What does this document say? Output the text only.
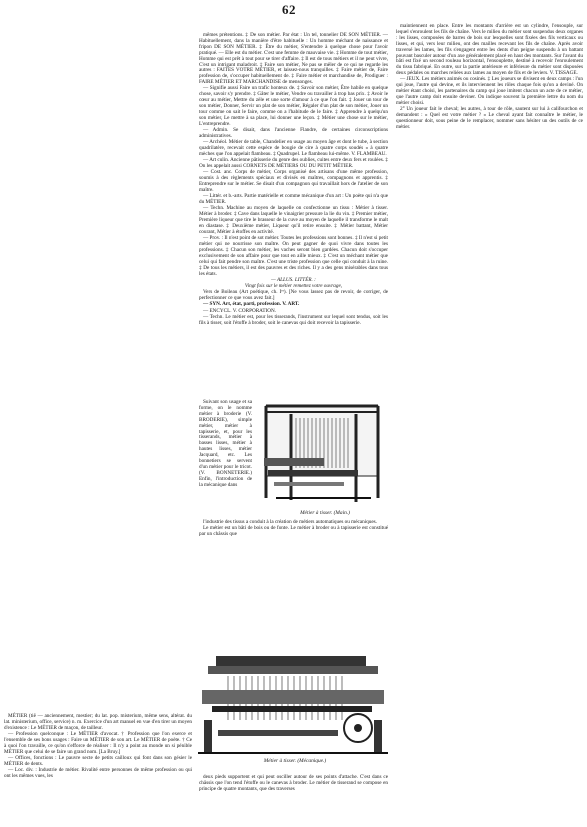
62

MÉTIER (tiê — anciennement, mestier; du lat. pop. misterium, même sens, altérat. du lat. ministerium, office, service) n. m. Exercice d'un art manuel en vue d'en tirer un moyen d'existence : Le MÉTIER de maçon, de tailleur.

— Profession quelconque : Le MÉTIER d'avocat. † Profession que l'on exerce et l'ensemble de ses bons usages : Faire un MÉTIER de son art. Le MÉTIER de poète. † Ce à quoi l'on travaille, ce qu'on s'efforce de réaliser : Il n'y a point au monde un si pénible MÉTIER que celui de se faire un grand nom. [La Bruy.]

— Offices, fonctions : Le pauvre secte de petits cailloux qui font dans son gésier le MÉTIER de dents.

— Loc. div. : Industrie de métier. Rivalité entre personnes de même profession ou qui ont les mêmes vues, les

mêmes prétentions. ‡ De son métier. Par état : Un tel, tonnelier DE SON MÉTIER. — Habituellement, dans la manière d'être habituelle : Un homme méchant de naissance et fripon DE SON MÉTIER. ‡ Être du métier, S'entendre à quelque chose pour l'avoir pratiqué. — Elle est du métier. C'est une femme de mauvaise vie. ‡ Homme de tout métier, Homme qui est prêt à tout pour se tirer d'affaire. ‡ Il est de tous métiers et il ne peut vivre, C'est un intrigant maladroit. ‡ Faire son métier, Ne pas se mêler de ce qui ne regarde les autres : FAITES VOTRE MÉTIER, et laissez-nous tranquilles. ‡ Faire métier de, Faire profession de, s'occuper habituellement de. ‡ Faire métier et marchandise de, Prodiguer : FAIRE MÉTIER ET MARCHANDISE de mensonges.

— Signifie aussi Faire un trafic honteux de. ‡ Savoir son métier, Être habile en quelque chose, savoir s'y prendre. ‡ Gâter le métier, Vendre ou travailler à trop bas prix. ‡ Avoir le cœur au métier, Mettre du zèle et une sorte d'amour à ce que l'on fait. ‡ Jouer un tour de son métier, Donner, Servir un plat de son métier, Régaler d'un plat de son métier, Jouer un tour comme on sait le faire, comme on a l'habitude de le faire. ‡ Apprendre à quelqu'un son métier, Le mettre à sa place, lui donner une leçon. ‡ Métier une chose sur le métier, L'entreprendre.

— Admin. Se disait, dans l'ancienne Flandre, de certaines circonscriptions administratives.

— Archéol. Métier de table, Chandelier en usage au moyen âge et dont le tube, à section quadrilatère, recevait cette espèce de bougie de cire à quatre corps soudés « à quatre mèches que l'on appelait flambeau. ‡ Quadrupel. Le flambeau lui-même. V. FLAMBEAU.

— Art culin. Ancienne pâtisserie du genre des oublies, cuites entre deux fers et roulées. ‡ On les appelait aussi CORNETS DE MÉTIERS OU DU PETIT MÉTIER.

— Cost. anc. Corps de métier, Corps organisé des artisans d'une même profession, soumis à des règlements spéciaux et divisés en maîtres, compagnons et apprentis. ‡ Entreprendre sur le métier. Se disait d'un compagnon qui travaillait hors de l'atelier de son maître.

— Littér. et b.-arts. Partie matérielle et comme mécanique d'un art : Un poète qui n'a que du MÉTIER.

— Techn. Machine au moyen de laquelle on confectionne un tissu : Métier à tisser. Métier à broder. ‡ Cave dans laquelle le vinaigrier pressure la lie du vin. ‡ Premier métier, Première liqueur que tire le brasseur de la cuve au moyen de laquelle il transforme le malt en diastase. ‡ Deuxième métier, Liqueur qu'il retire ensuite. ‡ Métier battant, Métier courant, Métier à étoffes en activité.

— Prov. : Il n'est point de sot métier. Toutes les professions sont bonnes. ‡ Il n'est si petit métier qui ne nourrisse son maître. On peut gagner de quoi vivre dans toutes les professions. ‡ Chacun son métier, les vaches seront bien gardées. Chacun doit s'occuper exclusivement de son affaire pour que tout en aille mieux. ‡ C'est un méchant métier que celui qui fait pendre son maître. C'est une triste profession que celle qui conduit à la ruine. ‡ De tous les métiers, il est des pauvres et des riches. Il y a des gens misérables dans tous les états.

— ALLUS. LITTÉR. :

Vingt fois sur le métier remettez votre ouvrage,

Vers de Boileau (Art poétique, ch. Iᵉʳ). [Ne vous lassez pas de revoir, de corriger, de perfectionner ce que vous avez fait.]

— SYN. Art, état, parti, profession. V. ART.

— ENCYCL. V. CORPORATION.

— Techn. Le métier est, pour les tisserands, l'instrument sur lequel sont tendus, soit les fils à tisser, soit l'étoffe à broder, soit le canevas qui doit recevoir la tapisserie.

Suivant son usage et sa forme, on le nomme métier à broderie (V. BRODERIE), simple métier, métier à tapisserie, et, pour les tisserands, métier à basses lisses, métier à hautes lisses, métier Jacquard, etc. Les bonnetiers se servent d'un métier pour le tricot. (V. BONNETERIE.) Enfin, l'introduction de la mécanique dans

l'industrie des tissus a conduit à la création de métiers automatiques ou mécaniques.

Le métier est un bâti de bois ou de fonte. Le métier à broder ou à tapisserie est constitué par un châssis que

deux pieds supportent et qui peut osciller autour de ses points d'attache. C'est dans ce châssis que l'on tend l'étoffe ou le canevas à broder. Le métier de tisserand se compose en principe de quatre montants, que des traverses

maintiennent en place. Entre les montants d'arrière est un cylindre, l'ensouple, sur lequel s'enroulent les fils de chaîne. Vers le milieu du métier sont suspendus deux organes : les lisses, composées de barres de bois sur lesquelles sont fixées des fils verticaux ou lisses, et qui, vers leur milieu, ont des mailles recevant les fils de chaîne. Après avoir traversé les lames, les fils s'engagent entre les dents d'un peigne suspendu à un battant pouvant basculer autour d'un axe généralement placé en haut des montants. Sur l'avant du bâti est fixé un second rouleau horizontal, l'ensouplette, destiné à recevoir l'enroulement du tissu fabriqué. En outre, sur la partie antérieure et inférieure du métier sont disposées deux pédales ou marches reliées aux lames au moyen de fils et de leviers. V. TISSAGE.

— JEUX. Les métiers animés ou cosinés. ‡ Les joueurs se divisent en deux camps : l'un qui joue, l'autre qui devine, et ils interviennent les rôles chaque fois qu'on a deviné. On métier étant choisi, les partenaires du camp qui joue imitent chacun un acte de ce métier, que l'autre camp doit ensuite deviner. On indique souvent la première lettre du nom du métier choisi.

2° Un joueur fait le cheval; les autres, à tour de rôle, sautent sur lui à califourchon et demandent : « Quel est votre métier ? » Le cheval ayant fait connaître le métier, le questionneur doit, sous peine de le remplacer, nommer sans hésiter un des outils de ce métier.

Métier à tisser. (Main.)
Métier à tisser. (Mécanique.)
